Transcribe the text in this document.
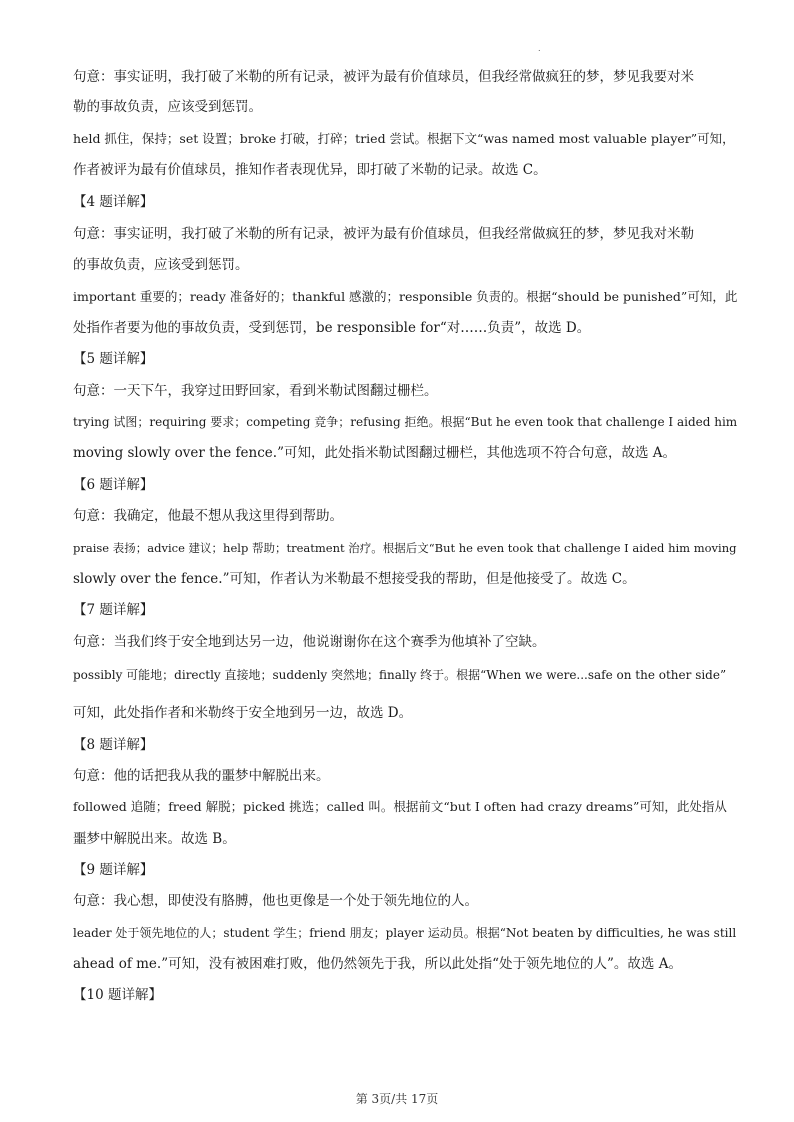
.
句意：事实证明，我打破了米勒的所有记录，被评为最有价值球员，但我经常做疯狂的梦，梦见我要对米
勒的事故负责，应该受到惩罚。
held 抓住，保持；set 设置；broke 打破，打碎；tried 尝试。根据下文“was named most valuable player”可知，
作者被评为最有价值球员，推知作者表现优异，即打破了米勒的记录。故选 C。
【4 题详解】
句意：事实证明，我打破了米勒的所有记录，被评为最有价值球员，但我经常做疯狂的梦，梦见我对米勒
的事故负责，应该受到惩罚。
important 重要的；ready 准备好的；thankful 感激的；responsible 负责的。根据“should be punished”可知，此
处指作者要为他的事故负责，受到惩罚，be responsible for“对……负责”，故选 D。
【5 题详解】
句意：一天下午，我穿过田野回家，看到米勒试图翻过栅栏。
trying 试图；requiring 要求；competing 竞争；refusing 拒绝。根据“But he even took that challenge I aided him
moving slowly over the fence.”可知，此处指米勒试图翻过栅栏，其他选项不符合句意，故选 A。
【6 题详解】
句意：我确定，他最不想从我这里得到帮助。
praise 表扬；advice 建议；help 帮助；treatment 治疗。根据后文“But he even took that challenge I aided him moving
slowly over the fence.”可知，作者认为米勒最不想接受我的帮助，但是他接受了。故选 C。
【7 题详解】
句意：当我们终于安全地到达另一边，他说谢谢你在这个赛季为他填补了空缺。
possibly 可能地；directly 直接地；suddenly 突然地；finally 终于。根据“When we were...safe on the other side”
可知，此处指作者和米勒终于安全地到另一边，故选 D。
【8 题详解】
句意：他的话把我从我的噩梦中解脱出来。
followed 追随；freed 解脱；picked 挑选；called 叫。根据前文“but I often had crazy dreams”可知，此处指从
噩梦中解脱出来。故选 B。
【9 题详解】
句意：我心想，即使没有胳膊，他也更像是一个处于领先地位的人。
leader 处于领先地位的人；student 学生；friend 朋友；player 运动员。根据“Not beaten by difficulties, he was still
ahead of me.”可知，没有被困难打败，他仍然领先于我，所以此处指“处于领先地位的人”。故选 A。
【10 题详解】
第 3页/共 17页
